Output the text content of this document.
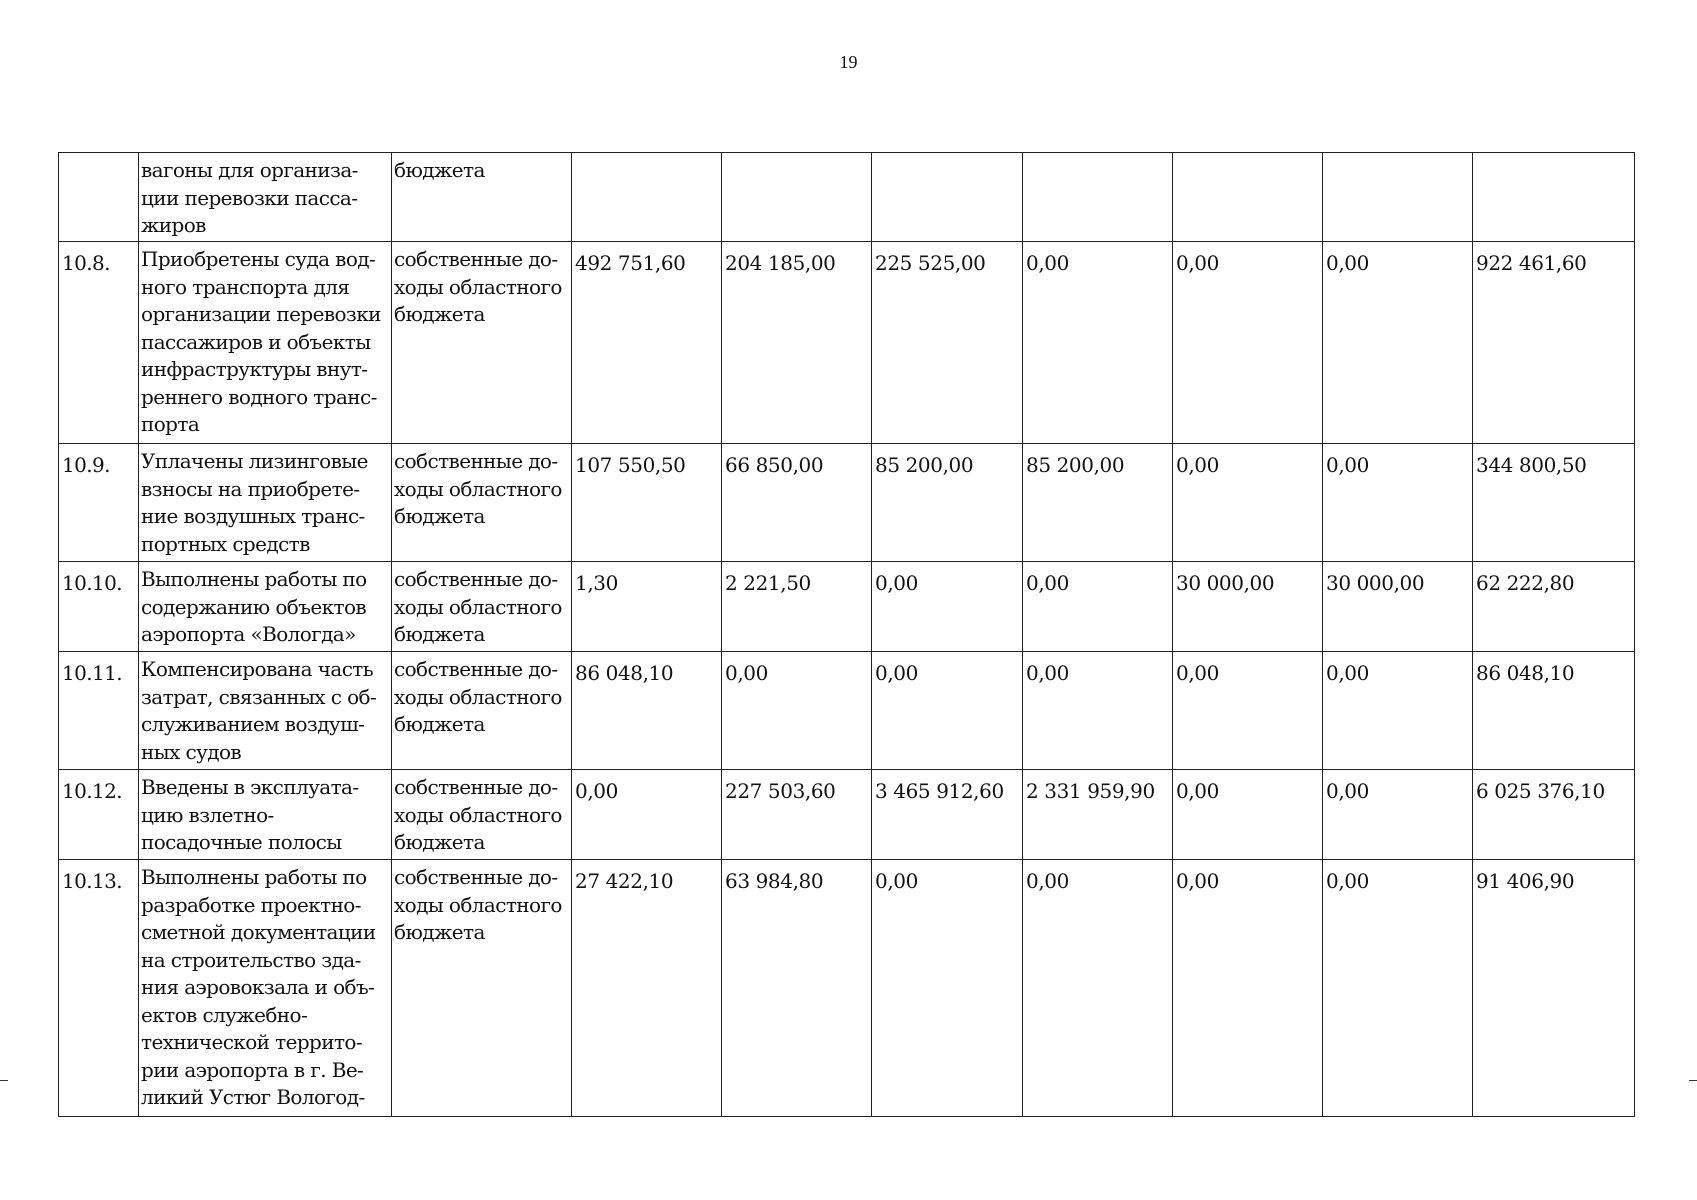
19
	вагоны для организа-ции перевозки пасса-жиров	бюджета							
10.8.	Приобретены суда вод-ного транспорта для организации перевозки пассажиров и объекты инфраструктуры внут-реннего водного транс-порта	собственные до-ходы областного бюджета	492 751,60	204 185,00	225 525,00	0,00	0,00	0,00	922 461,60
10.9.	Уплачены лизинговые взносы на приобрете-ние воздушных транс-портных средств	собственные до-ходы областного бюджета	107 550,50	66 850,00	85 200,00	85 200,00	0,00	0,00	344 800,50
10.10.	Выполнены работы по содержанию объектов аэропорта «Вологда»	собственные до-ходы областного бюджета	1,30	2 221,50	0,00	0,00	30 000,00	30 000,00	62 222,80
10.11.	Компенсирована часть затрат, связанных с об-служиванием воздуш-ных судов	собственные до-ходы областного бюджета	86 048,10	0,00	0,00	0,00	0,00	0,00	86 048,10
10.12.	Введены в эксплуата-цию взлетно-посадочные полосы	собственные до-ходы областного бюджета	0,00	227 503,60	3 465 912,60	2 331 959,90	0,00	0,00	6 025 376,10
10.13.	Выполнены работы по разработке проектно-сметной документации на строительство зда-ния аэровокзала и объ-ектов служебно-технической террито-рии аэропорта в г. Ве-ликий Устюг Вологод-	собственные до-ходы областного бюджета	27 422,10	63 984,80	0,00	0,00	0,00	0,00	91 406,90
